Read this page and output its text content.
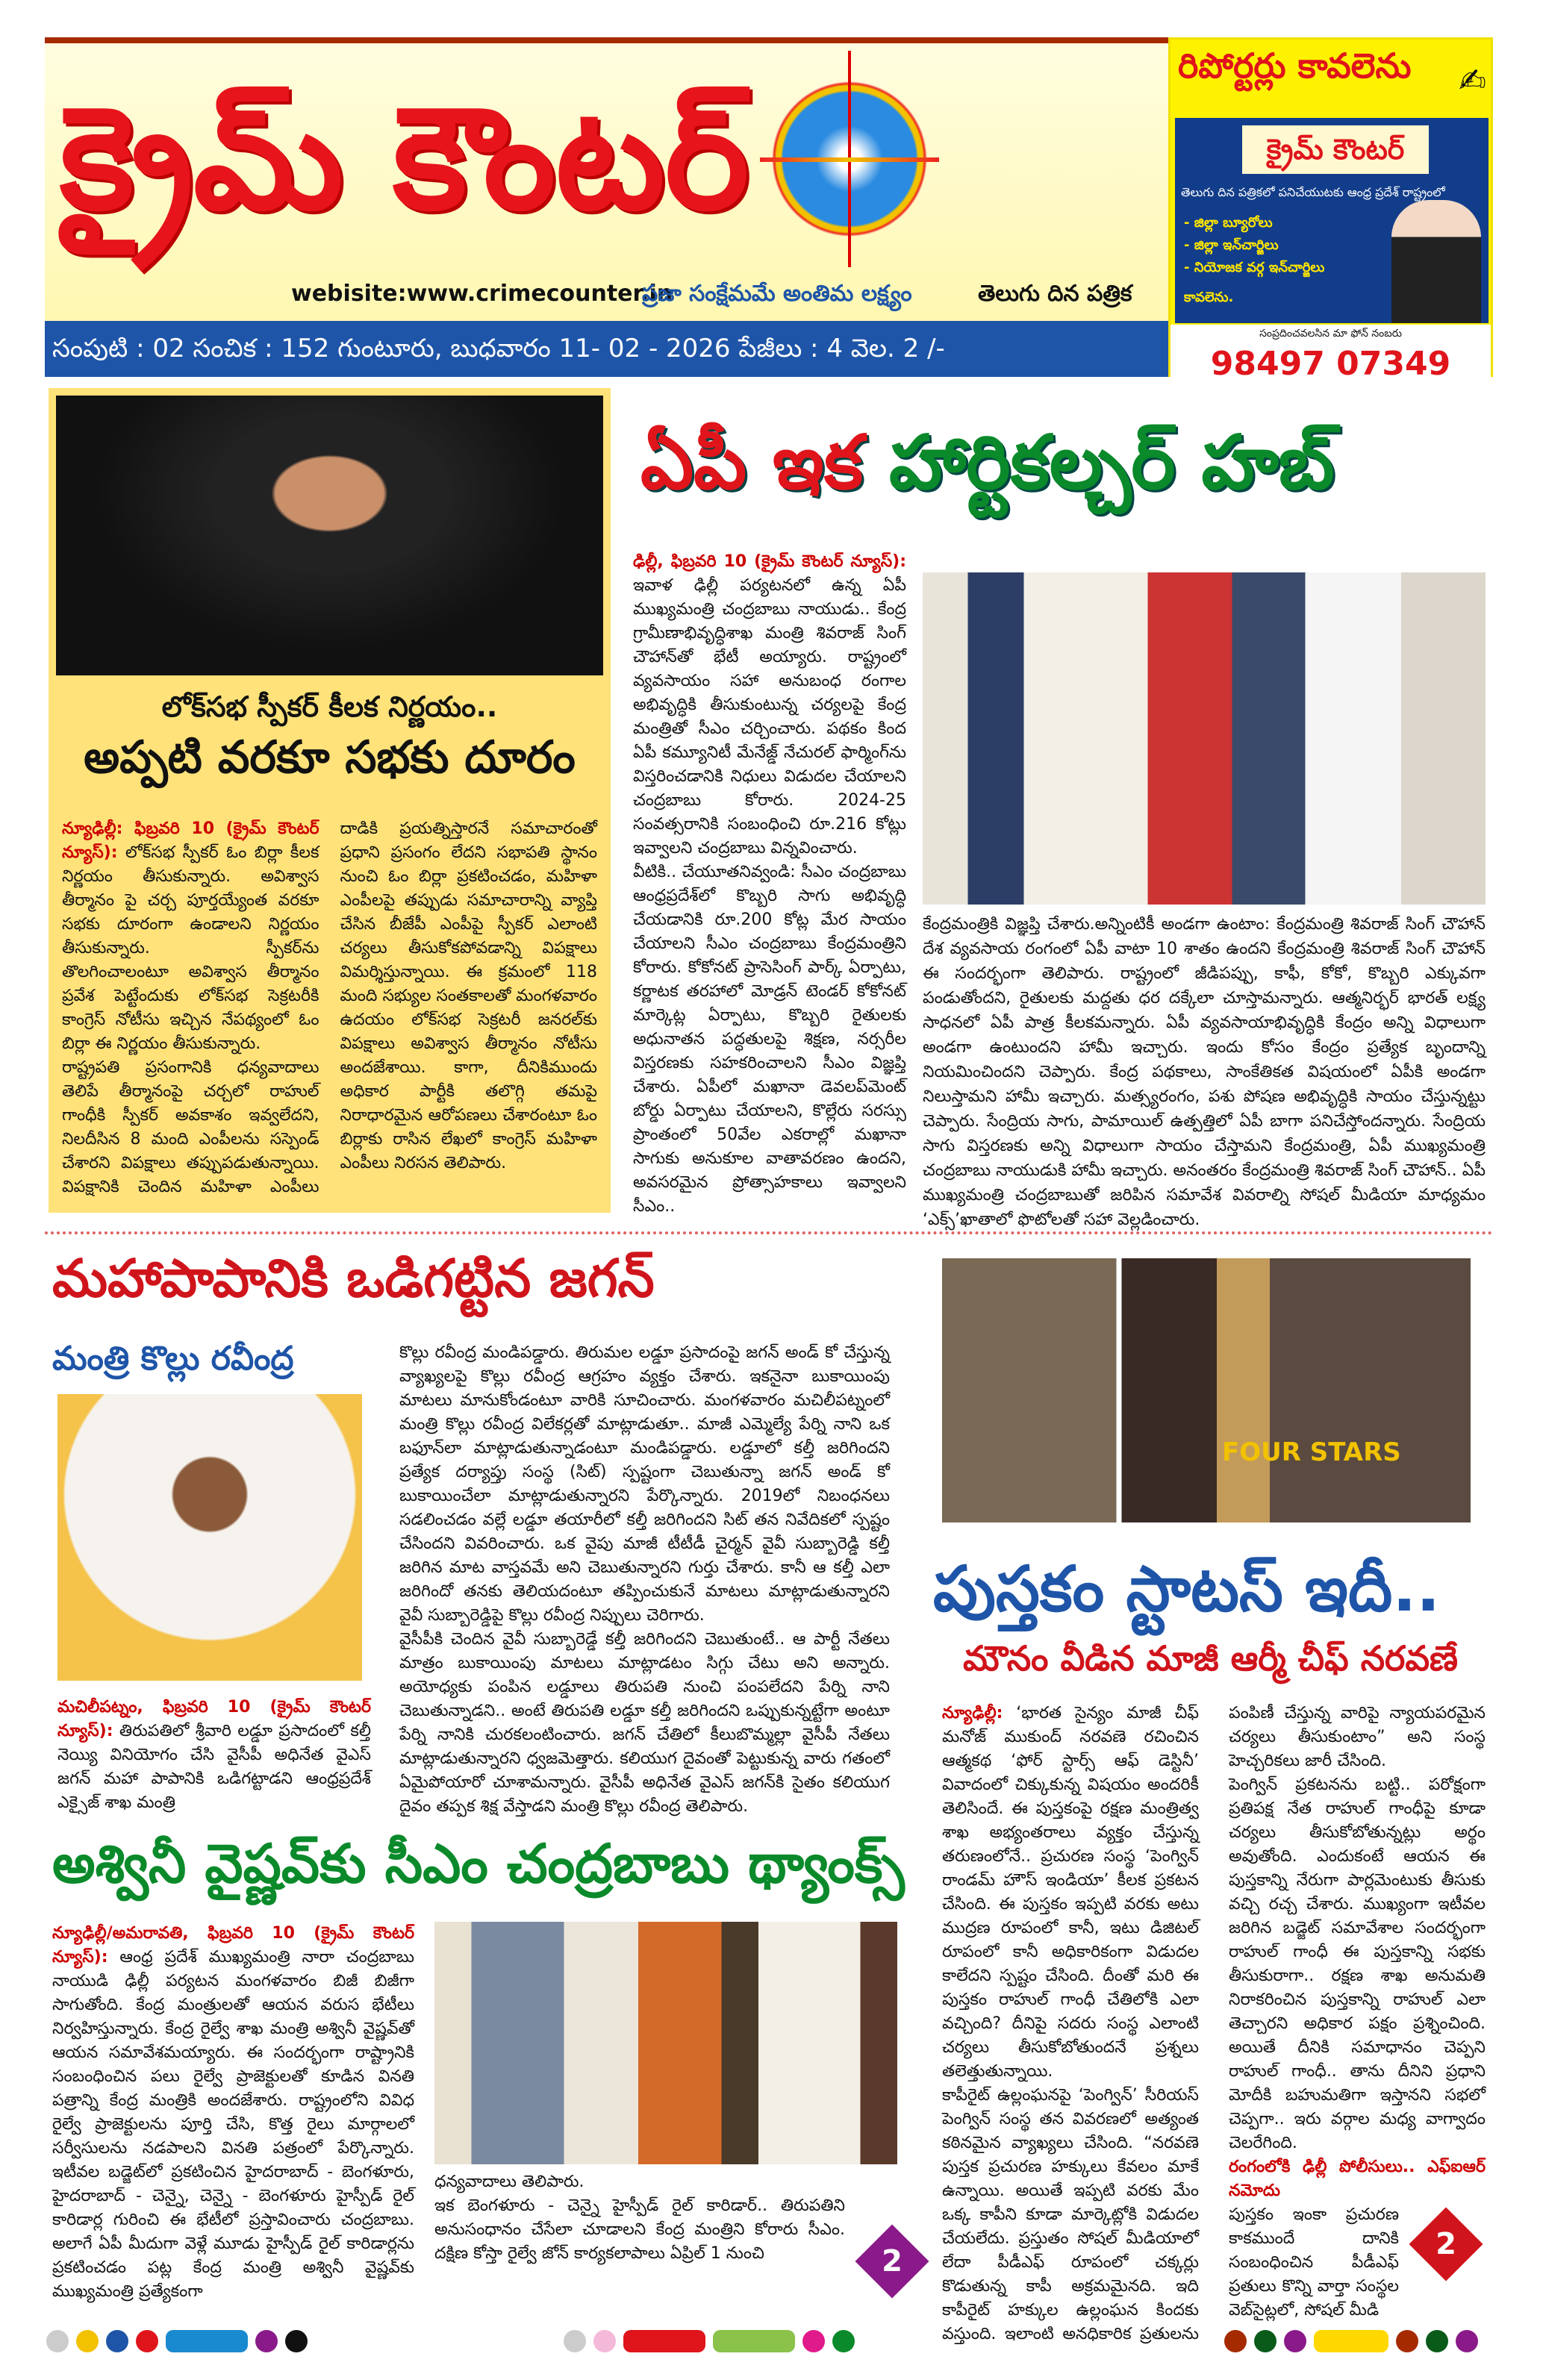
క్రైమ్ కౌంటర్
webisite:www.crimecounter.in
ప్రజా సంక్షేమమే అంతిమ లక్ష్యం	తెలుగు దిన పత్రిక
సంపుటి : 02 సంచిక : 152 గుంటూరు, బుధవారం 11- 02 - 2026 పేజీలు : 4 వెల. 2 /-
రిపోర్టర్లు కావలెను ✍
క్రైమ్ కౌంటర్
తెలుగు దిన పత్రికలో పనిచేయుటకు ఆంధ్ర ప్రదేశ్ రాష్ట్రంలో
- జిల్లా బ్యూరోలు
- జిల్లా ఇన్‌చార్జిలు
- నియోజక వర్గ ఇన్‌చార్జిలు
కావలెను.
సంప్రదించవలసిన మా ఫోన్ నంబరు
98497 07349
లోక్‌సభ స్పీకర్ కీలక నిర్ణయం..
అప్పటి వరకూ సభకు దూరం

న్యూఢిల్లీ: ఫిబ్రవరి 10 (క్రైమ్ కౌంటర్ న్యూస్): లోక్‌సభ స్పీకర్ ఓం బిర్లా కీలక నిర్ణయం తీసుకున్నారు. అవిశ్వాస తీర్మానం పై చర్చ పూర్తయ్యేంత వరకూ సభకు దూరంగా ఉండాలని నిర్ణయం తీసుకున్నారు. స్పీకర్‌ను తొలగించాలంటూ అవిశ్వాస తీర్మానం ప్రవేశ పెట్టేందుకు లోక్‌సభ సెక్రటరీకి కాంగ్రెస్ నోటీసు ఇచ్చిన నేపథ్యంలో ఓం బిర్లా ఈ నిర్ణయం తీసుకున్నారు.

రాష్ట్రపతి ప్రసంగానికి ధన్యవాదాలు తెలిపే తీర్మానంపై చర్చలో రాహుల్ గాంధీకి స్పీకర్ అవకాశం ఇవ్వలేదని, నిలదీసిన 8 మంది ఎంపీలను సస్పెండ్ చేశారని విపక్షాలు తప్పుపడుతున్నాయి. విపక్షానికి చెందిన మహిళా ఎంపీలు దాడికి ప్రయత్నిస్తారనే సమాచారంతో ప్రధాని ప్రసంగం లేదని సభాపతి స్థానం నుంచి ఓం బిర్లా ప్రకటించడం, మహిళా ఎంపీలపై తప్పుడు సమాచారాన్ని వ్యాప్తి చేసిన బీజేపీ ఎంపీపై స్పీకర్ ఎలాంటి చర్యలు తీసుకోకపోవడాన్ని విపక్షాలు విమర్శిస్తున్నాయి. ఈ క్రమంలో 118 మంది సభ్యుల సంతకాలతో మంగళవారం ఉదయం లోక్‌సభ సెక్రటరీ జనరల్‌కు విపక్షాలు అవిశ్వాస తీర్మానం నోటీసు అందజేశాయి. కాగా, దీనికిముందు అధికార పార్టీకి తలొగ్గి తమపై నిరాధారమైన ఆరోపణలు చేశారంటూ ఓం బిర్లాకు రాసిన లేఖలో కాంగ్రెస్ మహిళా ఎంపీలు నిరసన తెలిపారు.

ఏపీ ఇక హార్టికల్చర్ హబ్

ఢిల్లీ, ఫిబ్రవరి 10 (క్రైమ్ కౌంటర్ న్యూస్): ఇవాళ ఢిల్లీ పర్యటనలో ఉన్న ఏపీ ముఖ్యమంత్రి చంద్రబాబు నాయుడు.. కేంద్ర గ్రామీణాభివృద్ధిశాఖ మంత్రి శివరాజ్ సింగ్ చౌహాన్‌తో భేటీ అయ్యారు. రాష్ట్రంలో వ్యవసాయం సహా అనుబంధ రంగాల అభివృద్ధికి తీసుకుంటున్న చర్యలపై కేంద్ర మంత్రితో సీఎం చర్చించారు. పథకం కింద ఏపీ కమ్యూనిటీ మేనేజ్డ్ నేచురల్ ఫార్మింగ్‌ను విస్తరించడానికి నిధులు విడుదల చేయాలని చంద్రబాబు కోరారు. 2024-25 సంవత్సరానికి సంబంధించి రూ.216 కోట్లు ఇవ్వాలని చంద్రబాబు విన్నవించారు.

వీటికి.. చేయూతనివ్వండి: సీఎం చంద్రబాబు ఆంధ్రప్రదేశ్‌లో కొబ్బరి సాగు అభివృద్ధి చేయడానికి రూ.200 కోట్ల మేర సాయం చేయాలని సీఎం చంద్రబాబు కేంద్రమంత్రిని కోరారు. కోకోనట్ ప్రాసెసింగ్ పార్క్ ఏర్పాటు, కర్ణాటక తరహాలో మోడ్రన్ టెండర్ కోకోనట్ మార్కెట్ల ఏర్పాటు, కొబ్బరి రైతులకు అధునాతన పద్ధతులపై శిక్షణ, నర్సరీల విస్తరణకు సహకరించాలని సీఎం విజ్ఞప్తి చేశారు. ఏపీలో మఖానా డెవలప్‌మెంట్ బోర్డు ఏర్పాటు చేయాలని, కొల్లేరు సరస్సు ప్రాంతంలో 50వేల ఎకరాల్లో మఖానా సాగుకు అనుకూల వాతావరణం ఉందని, అవసరమైన ప్రోత్సాహకాలు ఇవ్వాలని సీఎం..

కేంద్రమంత్రికి విజ్ఞప్తి చేశారు.అన్నింటికీ అండగా ఉంటాం: కేంద్రమంత్రి శివరాజ్ సింగ్ చౌహాన్ దేశ వ్యవసాయ రంగంలో ఏపీ వాటా 10 శాతం ఉందని కేంద్రమంత్రి శివరాజ్ సింగ్ చౌహాన్ ఈ సందర్భంగా తెలిపారు. రాష్ట్రంలో జీడిపప్పు, కాఫీ, కోకో, కొబ్బరి ఎక్కువగా పండుతోందని, రైతులకు మద్దతు ధర దక్కేలా చూస్తామన్నారు. ఆత్మనిర్భర్ భారత్ లక్ష్య సాధనలో ఏపీ పాత్ర కీలకమన్నారు. ఏపీ వ్యవసాయాభివృద్ధికి కేంద్రం అన్ని విధాలుగా అండగా ఉంటుందని హామీ ఇచ్చారు. ఇందు కోసం కేంద్రం ప్రత్యేక బృందాన్ని నియమించిందని చెప్పారు. కేంద్ర పథకాలు, సాంకేతికత విషయంలో ఏపీకి అండగా నిలుస్తామని హామీ ఇచ్చారు. మత్స్యరంగం, పశు పోషణ అభివృద్ధికి సాయం చేస్తున్నట్టు చెప్పారు. సేంద్రియ సాగు, పామాయిల్ ఉత్పత్తిలో ఏపీ బాగా పనిచేస్తోందన్నారు. సేంద్రియ సాగు విస్తరణకు అన్ని విధాలుగా సాయం చేస్తామని కేంద్రమంత్రి, ఏపీ ముఖ్యమంత్రి చంద్రబాబు నాయుడుకి హామీ ఇచ్చారు. అనంతరం కేంద్రమంత్రి శివరాజ్ సింగ్ చౌహాన్.. ఏపీ ముఖ్యమంత్రి చంద్రబాబుతో జరిపిన సమావేశ వివరాల్ని సోషల్ మీడియా మాధ్యమం ‘ఎక్స్’ఖాతాలో ఫొటోలతో సహా వెల్లడించారు.
మహాపాపానికి ఒడిగట్టిన జగన్
మంత్రి కొల్లు రవీంద్ర
మచిలీపట్నం, ఫిబ్రవరి 10 (క్రైమ్ కౌంటర్ న్యూస్): తిరుపతిలో శ్రీవారి లడ్డూ ప్రసాదంలో కల్తీ నెయ్యి వినియోగం చేసి వైసీపీ అధినేత వైఎస్ జగన్ మహా పాపానికి ఒడిగట్టాడని ఆంధ్రప్రదేశ్ ఎక్సైజ్ శాఖ మంత్రి

కొల్లు రవీంద్ర మండిపడ్డారు. తిరుమల లడ్డూ ప్రసాదంపై జగన్ అండ్ కో చేస్తున్న వ్యాఖ్యలపై కొల్లు రవీంద్ర ఆగ్రహం వ్యక్తం చేశారు. ఇకనైనా బుకాయింపు మాటలు మానుకోండంటూ వారికి సూచించారు. మంగళవారం మచిలీపట్నంలో మంత్రి కొల్లు రవీంద్ర విలేకర్లతో మాట్లాడుతూ.. మాజీ ఎమ్మెల్యే పేర్ని నాని ఒక బఫూన్‌లా మాట్లాడుతున్నాడంటూ మండిపడ్డారు. లడ్డూలో కల్తీ జరిగిందని ప్రత్యేక దర్యాప్తు సంస్థ (సిట్) స్పష్టంగా చెబుతున్నా జగన్ అండ్ కో బుకాయించేలా మాట్లాడుతున్నారని పేర్కొన్నారు. 2019లో నిబంధనలు సడలించడం వల్లే లడ్డూ తయారీలో కల్తీ జరిగిందని సిట్ తన నివేదికలో స్పష్టం చేసిందని వివరించారు. ఒక వైపు మాజీ టీటీడీ చైర్మన్ వైవీ సుబ్బారెడ్డి కల్తీ జరిగిన మాట వాస్తవమే అని చెబుతున్నారని గుర్తు చేశారు. కానీ ఆ కల్తీ ఎలా జరిగిందో తనకు తెలియదంటూ తప్పించుకునే మాటలు మాట్లాడుతున్నారని వైవీ సుబ్బారెడ్డిపై కొల్లు రవీంద్ర నిప్పులు చెరిగారు.

వైసీపీకి చెందిన వైవీ సుబ్బారెడ్డే కల్తీ జరిగిందని చెబుతుంటే.. ఆ పార్టీ నేతలు మాత్రం బుకాయింపు మాటలు మాట్లాడటం సిగ్గు చేటు అని అన్నారు. అయోధ్యకు పంపిన లడ్డూలు తిరుపతి నుంచి పంపలేదని పేర్ని నాని చెబుతున్నాడని.. అంటే తిరుపతి లడ్డూ కల్తీ జరిగిందని ఒప్పుకున్నట్టేగా అంటూ పేర్ని నానికి చురకలంటించారు. జగన్ చేతిలో కీలుబొమ్మల్లా వైసీపీ నేతలు మాట్లాడుతున్నారని ధ్వజమెత్తారు. కలియుగ దైవంతో పెట్టుకున్న వారు గతంలో ఏమైపోయారో చూశామన్నారు. వైసీపీ అధినేత వైఎస్ జగన్‌కి సైతం కలియుగ దైవం తప్పక శిక్ష వేస్తాడని మంత్రి కొల్లు రవీంద్ర తెలిపారు.

FOUR STARS
పుస్తకం స్టాటస్ ఇదీ..
మౌనం వీడిన మాజీ ఆర్మీ చీఫ్ నరవణే

న్యూఢిల్లీ: ‘భారత సైన్యం మాజీ చీఫ్ మనోజ్ ముకుంద్ నరవణె రచించిన ఆత్మకథ ‘ఫోర్ స్టార్స్ ఆఫ్ డెస్టినీ’ వివాదంలో చిక్కుకున్న విషయం అందరికీ తెలిసిందే. ఈ పుస్తకంపై రక్షణ మంత్రిత్వ శాఖ అభ్యంతరాలు వ్యక్తం చేస్తున్న తరుణంలోనే.. ప్రచురణ సంస్థ ‘పెంగ్విన్ రాండమ్ హౌస్ ఇండియా’ కీలక ప్రకటన చేసింది. ఈ పుస్తకం ఇప్పటి వరకు అటు ముద్రణ రూపంలో కానీ, ఇటు డిజిటల్ రూపంలో కానీ అధికారికంగా విడుదల కాలేదని స్పష్టం చేసింది. దీంతో మరి ఈ పుస్తకం రాహుల్ గాంధీ చేతిలోకి ఎలా వచ్చింది? దీనిపై సదరు సంస్థ ఎలాంటి చర్యలు తీసుకోబోతుందనే ప్రశ్నలు తలెత్తుతున్నాయి.

కాపీరైట్ ఉల్లంఘనపై ‘పెంగ్విన్’ సీరియస్ పెంగ్విన్ సంస్థ తన వివరణలో అత్యంత కఠినమైన వ్యాఖ్యలు చేసింది. “నరవణె పుస్తక ప్రచురణ హక్కులు కేవలం మాకే ఉన్నాయి. అయితే ఇప్పటి వరకు మేం ఒక్క కాపీని కూడా మార్కెట్లోకి విడుదల చేయలేదు. ప్రస్తుతం సోషల్ మీడియాలో లేదా పీడీఎఫ్ రూపంలో చక్కర్లు కొడుతున్న కాపీ అక్రమమైనది. ఇది కాపీరైట్ హక్కుల ఉల్లంఘన కిందకు వస్తుంది. ఇలాంటి అనధికారిక ప్రతులను పంపిణీ చేస్తున్న వారిపై న్యాయపరమైన చర్యలు తీసుకుంటాం” అని సంస్థ హెచ్చరికలు జారీ చేసింది.

పెంగ్విన్ ప్రకటనను బట్టి.. పరోక్షంగా ప్రతిపక్ష నేత రాహుల్ గాంధీపై కూడా చర్యలు తీసుకోబోతున్నట్లు అర్థం అవుతోంది. ఎందుకంటే ఆయన ఈ పుస్తకాన్ని నేరుగా పార్లమెంటుకు తీసుకు వచ్చి రచ్చ చేశారు. ముఖ్యంగా ఇటీవల జరిగిన బడ్జెట్ సమావేశాల సందర్భంగా రాహుల్ గాంధీ ఈ పుస్తకాన్ని సభకు తీసుకురాగా.. రక్షణ శాఖ అనుమతి నిరాకరించిన పుస్తకాన్ని రాహుల్ ఎలా తెచ్చారని అధికార పక్షం ప్రశ్నించింది. అయితే దీనికి సమాధానం చెప్పని రాహుల్ గాంధీ.. తాను దీనిని ప్రధాని మోదీకి బహుమతిగా ఇస్తానని సభలో చెప్పగా.. ఇరు వర్గాల మధ్య వాగ్వాదం చెలరేగింది.

రంగంలోకి ఢిల్లీ పోలీసులు.. ఎఫ్ఐఆర్ నమోదు

2

పుస్తకం ఇంకా ప్రచురణ కాకముందే దానికి సంబంధించిన పీడీఎఫ్ ప్రతులు కొన్ని వార్తా సంస్థల వెబ్‌సైట్లలో, సోషల్ మీడి

అశ్వినీ వైష్ణవ్‌కు సీఎం చంద్రబాబు థ్యాంక్స్
న్యూఢిల్లీ/అమరావతి, ఫిబ్రవరి 10 (క్రైమ్ కౌంటర్ న్యూస్): ఆంధ్ర ప్రదేశ్ ముఖ్యమంత్రి నారా చంద్రబాబు నాయుడి ఢిల్లీ పర్యటన మంగళవారం బిజీ బిజీగా సాగుతోంది. కేంద్ర మంత్రులతో ఆయన వరుస భేటీలు నిర్వహిస్తున్నారు. కేంద్ర రైల్వే శాఖ మంత్రి అశ్వినీ వైష్ణవ్‌తో ఆయన సమావేశమయ్యారు. ఈ సందర్భంగా రాష్ట్రానికి సంబంధించిన పలు రైల్వే ప్రాజెక్టులతో కూడిన వినతి పత్రాన్ని కేంద్ర మంత్రికి అందజేశారు. రాష్ట్రంలోని వివిధ రైల్వే ప్రాజెక్టులను పూర్తి చేసి, కొత్త రైలు మార్గాలలో సర్వీసులను నడపాలని వినతి పత్రంలో పేర్కొన్నారు. ఇటీవల బడ్జెట్‌లో ప్రకటించిన హైదరాబాద్ - బెంగళూరు, హైదరాబాద్ - చెన్నై, చెన్నై - బెంగళూరు హైస్పీడ్ రైల్ కారిడార్ల గురించి ఈ భేటీలో ప్రస్తావించారు చంద్రబాబు. అలాగే ఏపీ మీదుగా వెళ్లే మూడు హైస్పీడ్ రైల్ కారిడార్లను ప్రకటించడం పట్ల కేంద్ర మంత్రి అశ్వినీ వైష్ణవ్‌కు ముఖ్యమంత్రి ప్రత్యేకంగా

ధన్యవాదాలు తెలిపారు.

ఇక బెంగళూరు - చెన్నై హైస్పీడ్ రైల్ కారిడార్.. తిరుపతిని అనుసంధానం చేసేలా చూడాలని కేంద్ర మంత్రిని కోరారు సీఎం. దక్షిణ కోస్తా రైల్వే జోన్ కార్యకలాపాలు ఏప్రిల్ 1 నుంచి	2
